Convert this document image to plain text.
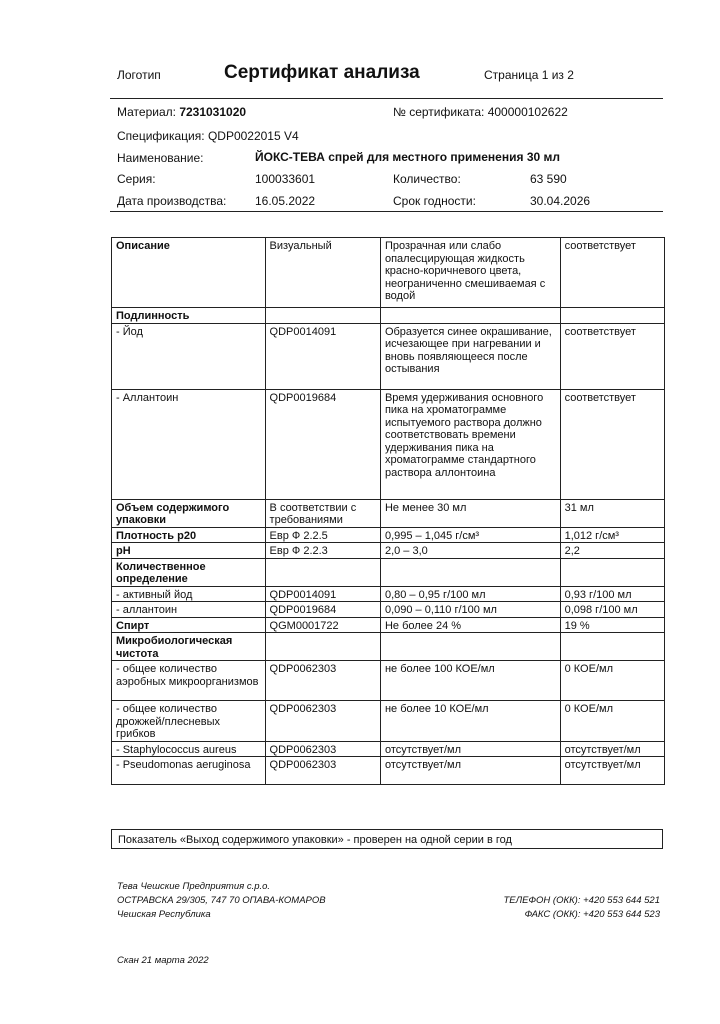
Логотип	Сертификат анализа	Страница 1 из 2
Материал: 7231031020	№ сертификата: 400000102622
Спецификация: QDP0022015 V4
Наименование:	ЙОКС-ТЕВА спрей для местного применения 30 мл
Серия:	100033601	Количество:	63 590
Дата производства: 16.05.2022	Срок годности:	30.04.2026
Описание	Визуальный	Прозрачная или слабо опалесцирующая жидкость красно-коричневого цвета, неограниченно смешиваемая с водой	соответствует
Подлинность			
- Йод	QDP0014091	Образуется синее окрашивание, исчезающее при нагревании и вновь появляющееся после остывания	соответствует
- Аллантоин	QDP0019684	Время удерживания основного пика на хроматограмме испытуемого раствора должно соответствовать времени удерживания пика на хроматограмме стандартного раствора аллонтоина	соответствует
Объем содержимого упаковки	В соответствии с требованиями	Не менее 30 мл	31 мл
Плотность р20	Евр Ф 2.2.5	0,995 – 1,045 г/см³	1,012 г/см³
pH	Евр Ф 2.2.3	2,0 – 3,0	2,2
Количественное определение			
- активный йод	QDP0014091	0,80 – 0,95 г/100 мл	0,93 г/100 мл
- аллантоин	QDP0019684	0,090 – 0,110 г/100 мл	0,098 г/100 мл
Спирт	QGM0001722	Не более 24 %	19 %
Микробиологическая чистота			
- общее количество аэробных микроорганизмов	QDP0062303	не более 100 КОЕ/мл	0 КОЕ/мл
- общее количество дрожжей/плесневых грибков	QDP0062303	не более 10 КОЕ/мл	0 КОЕ/мл
- Staphylococcus aureus	QDP0062303	отсутствует/мл	отсутствует/мл
- Pseudomonas aeruginosa	QDP0062303	отсутствует/мл	отсутствует/мл
Показатель «Выход содержимого упаковки» - проверен на одной серии в год
Тева Чешские Предприятия с.р.о.
ОСТРАВСКА 29/305, 747 70 ОПАВА-КОМАРОВ
Чешская Республика
ТЕЛЕФОН (ОКК): +420 553 644 521
ФАКС (ОКК): +420 553 644 523
Скан 21 марта 2022
